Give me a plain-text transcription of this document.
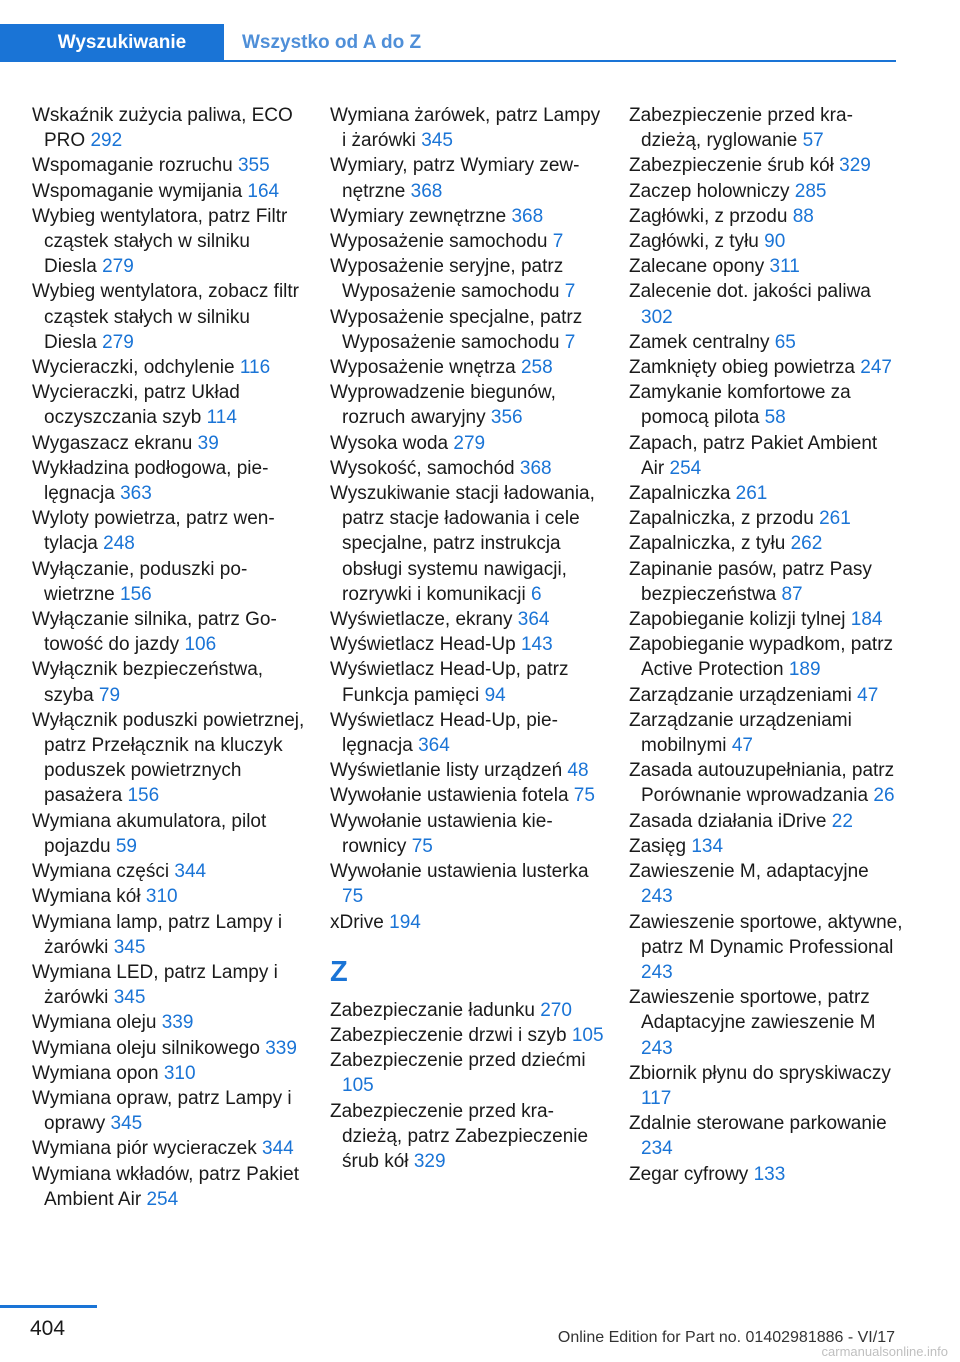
Wyszukiwanie	Wszystko od A do Z

Wskaźnik zużycia paliwa, ECO PRO 292

Wspomaganie rozruchu 355

Wspomaganie wymijania 164

Wybieg wentylatora, patrz Filtr cząstek stałych w silniku Diesla 279

Wybieg wentylatora, zobacz filtr cząstek stałych w silniku Diesla 279

Wycieraczki, odchylenie 116

Wycieraczki, patrz Układ oczyszczania szyb 114

Wygaszacz ekranu 39

Wykładzina podłogowa, pielęgnacja 363

Wyloty powietrza, patrz wentylacja 248

Wyłączanie, poduszki powietrzne 156

Wyłączanie silnika, patrz Gotowość do jazdy 106

Wyłącznik bezpieczeństwa, szyba 79

Wyłącznik poduszki powietrznej, patrz Przełącznik na kluczyk poduszek powietrznych pasażera 156

Wymiana akumulatora, pilot pojazdu 59

Wymiana części 344

Wymiana kół 310

Wymiana lamp, patrz Lampy i żarówki 345

Wymiana LED, patrz Lampy i żarówki 345

Wymiana oleju 339

Wymiana oleju silnikowego 339

Wymiana opon 310

Wymiana opraw, patrz Lampy i oprawy 345

Wymiana piór wycieraczek 344

Wymiana wkładów, patrz Pakiet Ambient Air 254

Wymiana żarówek, patrz Lampy i żarówki 345

Wymiary, patrz Wymiary zewnętrzne 368

Wymiary zewnętrzne 368

Wyposażenie samochodu 7

Wyposażenie seryjne, patrz Wyposażenie samochodu 7

Wyposażenie specjalne, patrz Wyposażenie samochodu 7

Wyposażenie wnętrza 258

Wyprowadzenie biegunów, rozruch awaryjny 356

Wysoka woda 279

Wysokość, samochód 368

Wyszukiwanie stacji ładowania, patrz stacje ładowania i cele specjalne, patrz instrukcja obsługi systemu nawigacji, rozrywki i komunikacji 6

Wyświetlacze, ekrany 364

Wyświetlacz Head-Up 143

Wyświetlacz Head-Up, patrz Funkcja pamięci 94

Wyświetlacz Head-Up, pielęgnacja 364

Wyświetlanie listy urządzeń 48

Wywołanie ustawienia fotela 75

Wywołanie ustawienia kierownicy 75

Wywołanie ustawienia lusterka 75

xDrive 194

Z

Zabezpieczanie ładunku 270

Zabezpieczenie drzwi i szyb 105

Zabezpieczenie przed dziećmi 105

Zabezpieczenie przed kradzieżą, patrz Zabezpieczenie śrub kół 329

Zabezpieczenie przed kradzieżą, ryglowanie 57

Zabezpieczenie śrub kół 329

Zaczep holowniczy 285

Zagłówki, z przodu 88

Zagłówki, z tyłu 90

Zalecane opony 311

Zalecenie dot. jakości paliwa 302

Zamek centralny 65

Zamknięty obieg powietrza 247

Zamykanie komfortowe za pomocą pilota 58

Zapach, patrz Pakiet Ambient Air 254

Zapalniczka 261

Zapalniczka, z przodu 261

Zapalniczka, z tyłu 262

Zapinanie pasów, patrz Pasy bezpieczeństwa 87

Zapobieganie kolizji tylnej 184

Zapobieganie wypadkom, patrz Active Protection 189

Zarządzanie urządzeniami 47

Zarządzanie urządzeniami mobilnymi 47

Zasada autouzupełniania, patrz Porównanie wprowadzania 26

Zasada działania iDrive 22

Zasięg 134

Zawieszenie M, adaptacyjne 243

Zawieszenie sportowe, aktywne, patrz M Dynamic Professional 243

Zawieszenie sportowe, patrz Adaptacyjne zawieszenie M 243

Zbiornik płynu do spryskiwaczy 117

Zdalnie sterowane parkowanie 234

Zegar cyfrowy 133

404	Online Edition for Part no. 01402981886 - VI/17
carmanualsonline.info
